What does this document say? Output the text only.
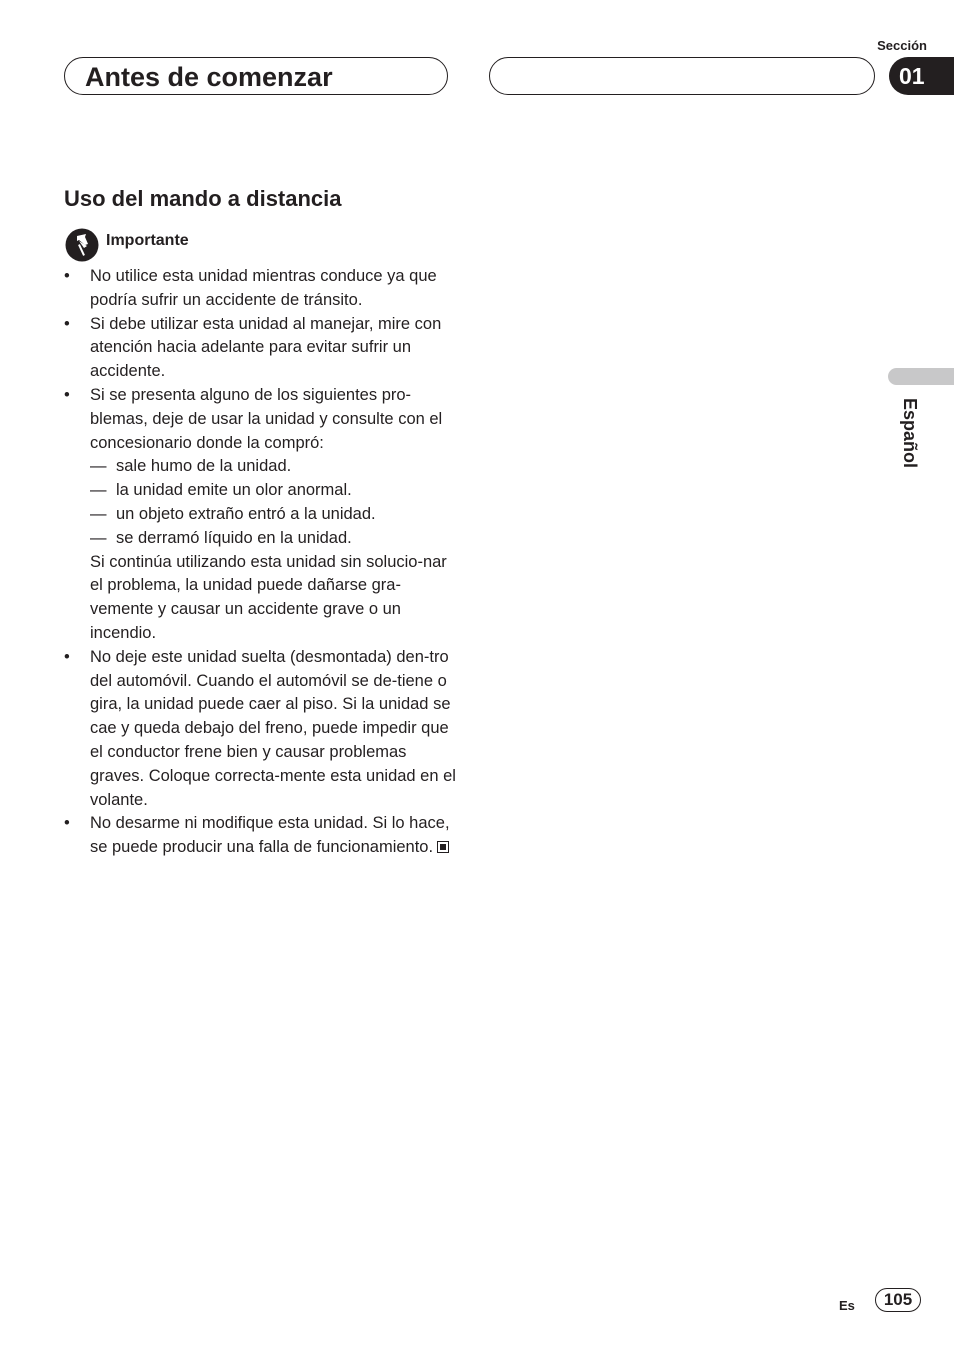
Sección
Antes de comenzar	01
Uso del mando a distancia
Importante
•	No utilice esta unidad mientras conduce ya que podría sufrir un accidente de tránsito.
•	Si debe utilizar esta unidad al manejar, mire con atención hacia adelante para evitar sufrir un accidente.
•	Si se presenta alguno de los siguientes pro-blemas, deje de usar la unidad y consulte con el concesionario donde la compró:
— sale humo de la unidad.
— la unidad emite un olor anormal.
— un objeto extraño entró a la unidad.
— se derramó líquido en la unidad.
Si continúa utilizando esta unidad sin solucio-nar el problema, la unidad puede dañarse gra-vemente y causar un accidente grave o un incendio.
•	No deje este unidad suelta (desmontada) den-tro del automóvil. Cuando el automóvil se de-tiene o gira, la unidad puede caer al piso. Si la unidad se cae y queda debajo del freno, puede impedir que el conductor frene bien y causar problemas graves. Coloque correcta-mente esta unidad en el volante.
•	No desarme ni modifique esta unidad. Si lo hace, se puede producir una falla de funcionamiento.
Español
Es	105
